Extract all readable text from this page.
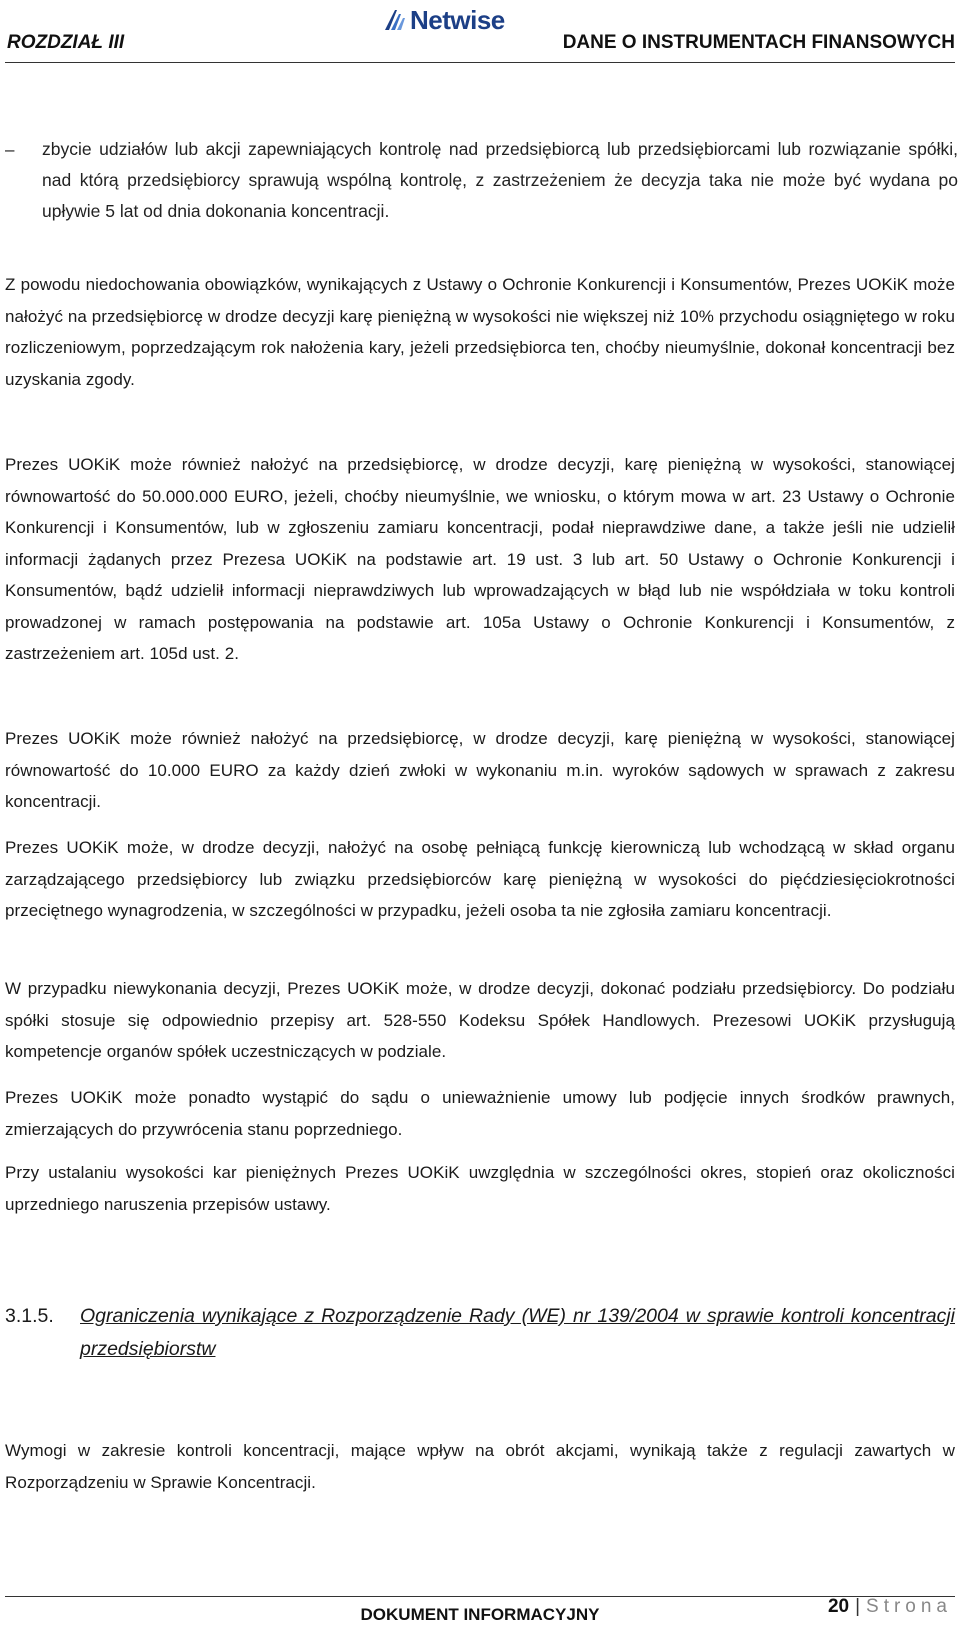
ROZDZIAŁ III
Netwise
DANE O INSTRUMENTACH FINANSOWYCH
–	zbycie udziałów lub akcji zapewniających kontrolę nad przedsiębiorcą lub przedsiębiorcami lub rozwiązanie spółki, nad którą przedsiębiorcy sprawują wspólną kontrolę, z zastrzeżeniem że decyzja taka nie może być wydana po upływie 5 lat od dnia dokonania koncentracji.

Z powodu niedochowania obowiązków, wynikających z Ustawy o Ochronie Konkurencji i Konsumentów, Prezes UOKiK może nałożyć na przedsiębiorcę w drodze decyzji karę pieniężną w wysokości nie większej niż 10% przychodu osiągniętego w roku rozliczeniowym, poprzedzającym rok nałożenia kary, jeżeli przedsiębiorca ten, choćby nieumyślnie, dokonał koncentracji bez uzyskania zgody.

Prezes UOKiK może również nałożyć na przedsiębiorcę, w drodze decyzji, karę pieniężną w wysokości, stanowiącej równowartość do 50.000.000 EURO, jeżeli, choćby nieumyślnie, we wniosku, o którym mowa w art. 23 Ustawy o Ochronie Konkurencji i Konsumentów, lub w zgłoszeniu zamiaru koncentracji, podał nieprawdziwe dane, a także jeśli nie udzielił informacji żądanych przez Prezesa UOKiK na podstawie art. 19 ust. 3 lub art. 50 Ustawy o Ochronie Konkurencji i Konsumentów, bądź udzielił informacji nieprawdziwych lub wprowadzających w błąd lub nie współdziała w toku kontroli prowadzonej w ramach postępowania na podstawie art. 105a Ustawy o Ochronie Konkurencji i Konsumentów, z zastrzeżeniem art. 105d ust. 2.

Prezes UOKiK może również nałożyć na przedsiębiorcę, w drodze decyzji, karę pieniężną w wysokości, stanowiącej równowartość do 10.000 EURO za każdy dzień zwłoki w wykonaniu m.in. wyroków sądowych w sprawach z zakresu koncentracji.

Prezes UOKiK może, w drodze decyzji, nałożyć na osobę pełniącą funkcję kierowniczą lub wchodzącą w skład organu zarządzającego przedsiębiorcy lub związku przedsiębiorców karę pieniężną w wysokości do pięćdziesięciokrotności przeciętnego wynagrodzenia, w szczególności w przypadku, jeżeli osoba ta nie zgłosiła zamiaru koncentracji.

W przypadku niewykonania decyzji, Prezes UOKiK może, w drodze decyzji, dokonać podziału przedsiębiorcy. Do podziału spółki stosuje się odpowiednio przepisy art. 528-550 Kodeksu Spółek Handlowych. Prezesowi UOKiK przysługują kompetencje organów spółek uczestniczących w podziale.

Prezes UOKiK może ponadto wystąpić do sądu o unieważnienie umowy lub podjęcie innych środków prawnych, zmierzających do przywrócenia stanu poprzedniego.

Przy ustalaniu wysokości kar pieniężnych Prezes UOKiK uwzględnia w szczególności okres, stopień oraz okoliczności uprzedniego naruszenia przepisów ustawy.

3.1.5. Ograniczenia wynikające z Rozporządzenie Rady (WE) nr 139/2004 w sprawie kontroli koncentracji przedsiębiorstw

Wymogi w zakresie kontroli koncentracji, mające wpływ na obrót akcjami, wynikają także z regulacji zawartych w Rozporządzeniu w Sprawie Koncentracji.

DOKUMENT INFORMACYJNY	20 | Strona
